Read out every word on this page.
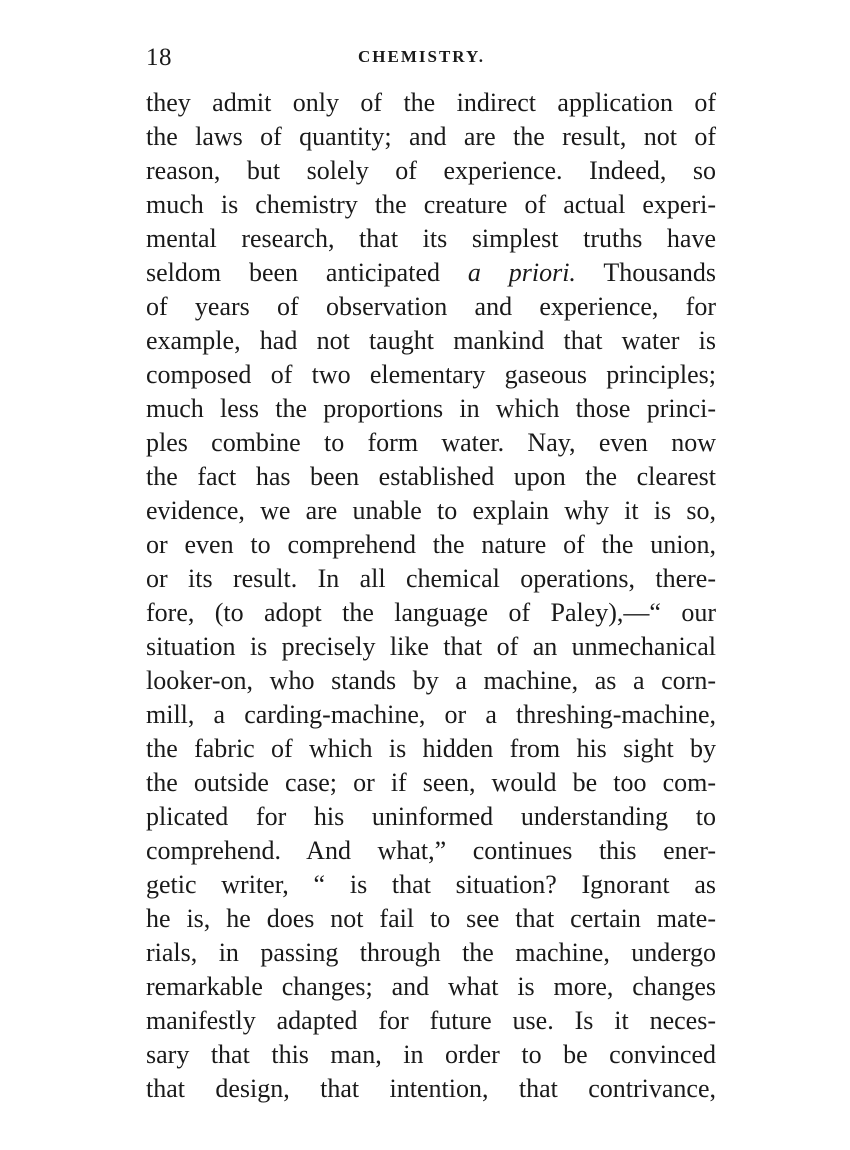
18	CHEMISTRY.
they admit only of the indirect application of
the laws of quantity; and are the result, not of
reason, but solely of experience. Indeed, so
much is chemistry the creature of actual experi-
mental research, that its simplest truths have
seldom been anticipated a priori. Thousands
of years of observation and experience, for
example, had not taught mankind that water is
composed of two elementary gaseous principles;
much less the proportions in which those princi-
ples combine to form water. Nay, even now
the fact has been established upon the clearest
evidence, we are unable to explain why it is so,
or even to comprehend the nature of the union,
or its result. In all chemical operations, there-
fore, (to adopt the language of Paley),—“ our
situation is precisely like that of an unmechanical
looker-on, who stands by a machine, as a corn-
mill, a carding-machine, or a threshing-machine,
the fabric of which is hidden from his sight by
the outside case; or if seen, would be too com-
plicated for his uninformed understanding to
comprehend. And what,” continues this ener-
getic writer, “ is that situation? Ignorant as
he is, he does not fail to see that certain mate-
rials, in passing through the machine, undergo
remarkable changes; and what is more, changes
manifestly adapted for future use. Is it neces-
sary that this man, in order to be convinced
that design, that intention, that contrivance,
